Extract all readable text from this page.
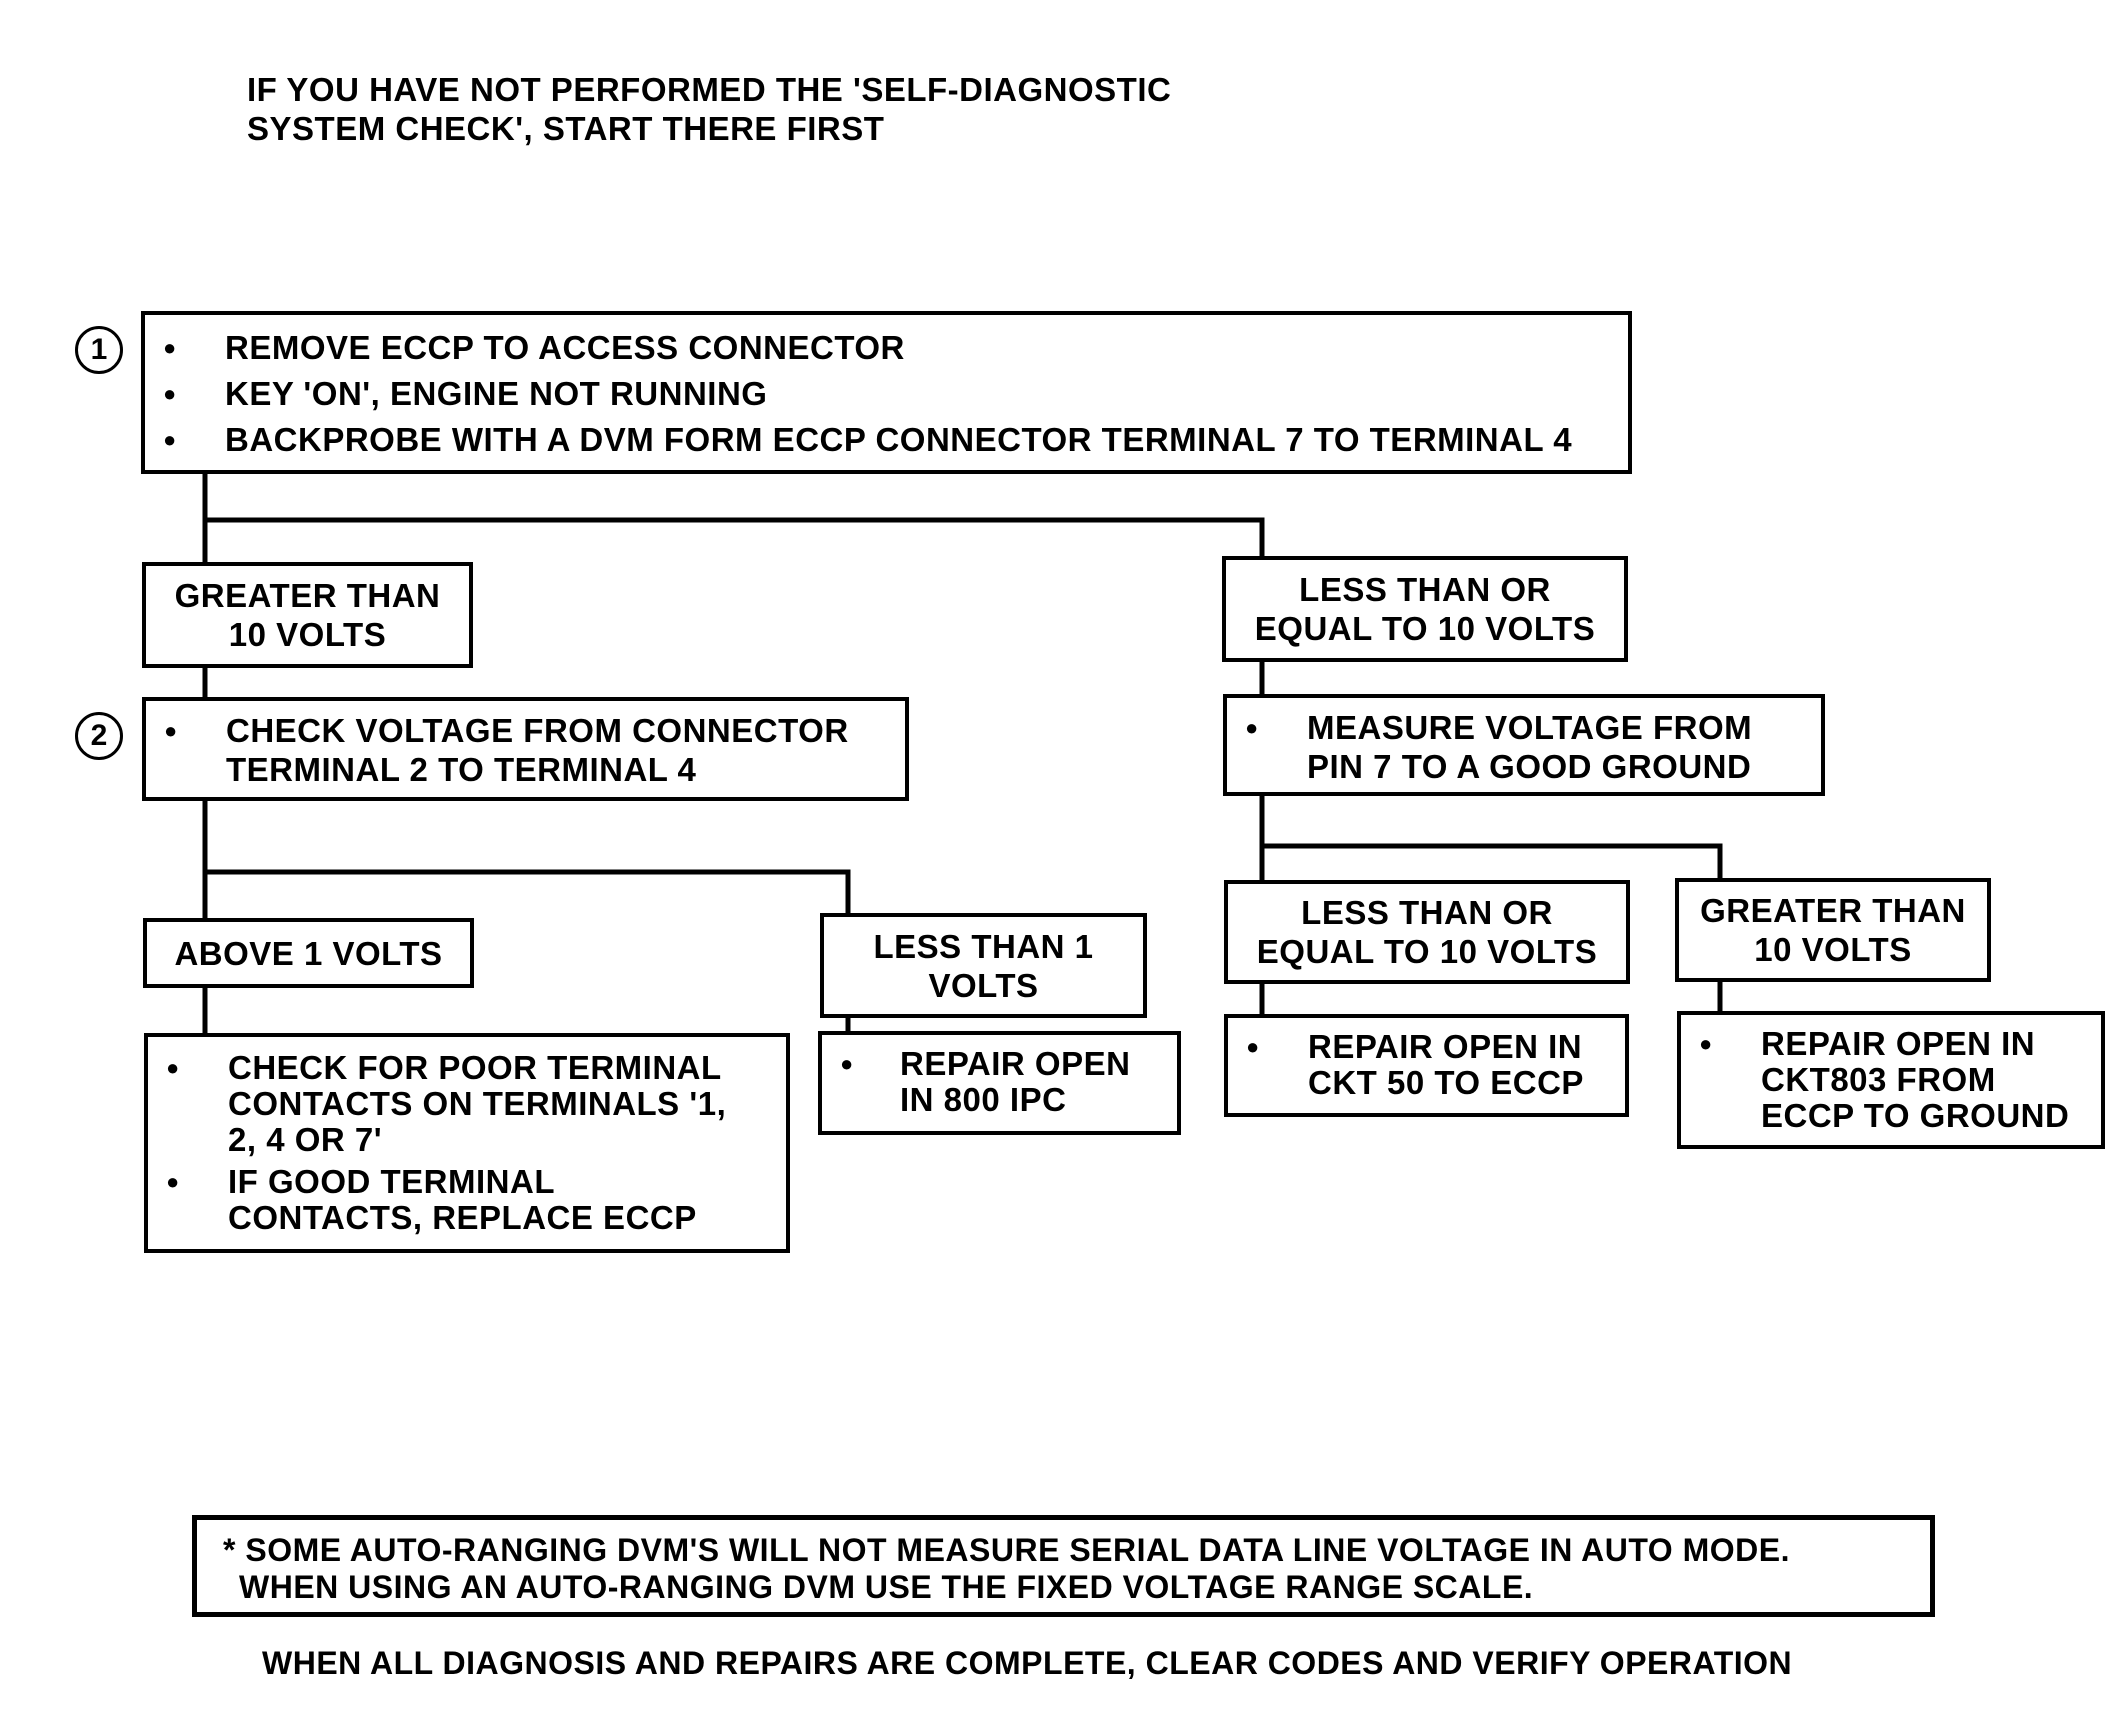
IF YOU HAVE NOT PERFORMED THE 'SELF-DIAGNOSTIC
SYSTEM CHECK', START THERE FIRST
1	● REMOVE ECCP TO ACCESS CONNECTOR
● KEY 'ON', ENGINE NOT RUNNING
● BACKPROBE WITH A DVM FORM ECCP CONNECTOR TERMINAL 7 TO TERMINAL 4
GREATER THAN
10 VOLTS
LESS THAN OR
EQUAL TO 10 VOLTS
2	● CHECK VOLTAGE FROM CONNECTOR
TERMINAL 2 TO TERMINAL 4
● MEASURE VOLTAGE FROM
PIN 7 TO A GOOD GROUND
ABOVE 1 VOLTS	LESS THAN 1
VOLTS
LESS THAN OR
EQUAL TO 10 VOLTS
GREATER THAN
10 VOLTS
● CHECK FOR POOR TERMINAL
CONTACTS ON TERMINALS '1,
2, 4 OR 7'
● IF GOOD TERMINAL
CONTACTS, REPLACE ECCP
● REPAIR OPEN
IN 800 IPC
● REPAIR OPEN IN
CKT 50 TO ECCP
● REPAIR OPEN IN
CKT803 FROM
ECCP TO GROUND
* SOME AUTO-RANGING DVM'S WILL NOT MEASURE SERIAL DATA LINE VOLTAGE IN AUTO MODE.
WHEN USING AN AUTO-RANGING DVM USE THE FIXED VOLTAGE RANGE SCALE.
WHEN ALL DIAGNOSIS AND REPAIRS ARE COMPLETE, CLEAR CODES AND VERIFY OPERATION
